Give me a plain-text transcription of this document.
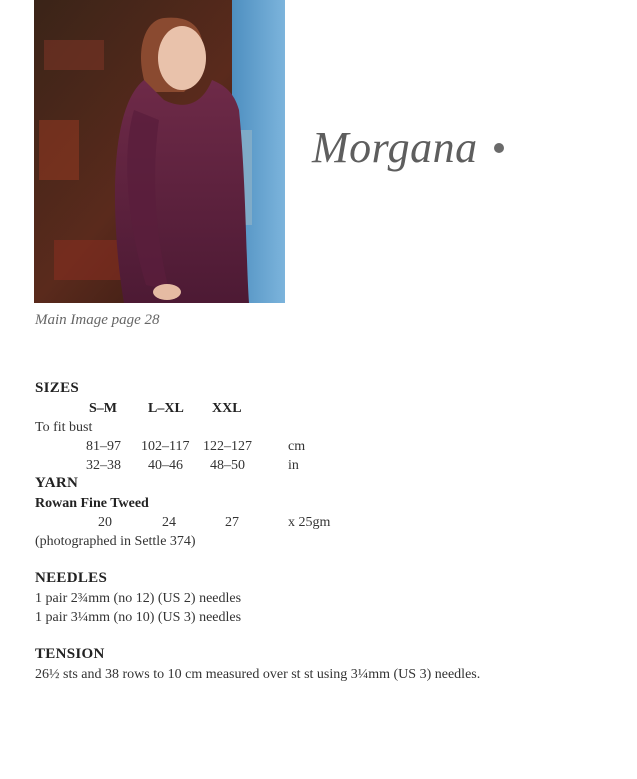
Morgana
Main Image page 28
SIZES
S–M L–XL XXL
To fit bust
81–97 102–117 122–127	cm
32–38 40–46 48–50	in
YARN
Rowan Fine Tweed
20	24	27	x 25gm
(photographed in Settle 374)
NEEDLES
1 pair 2¾mm (no 12) (US 2) needles
1 pair 3¼mm (no 10) (US 3) needles
TENSION
26½ sts and 38 rows to 10 cm measured over st st using 3¼mm (US 3) needles.
